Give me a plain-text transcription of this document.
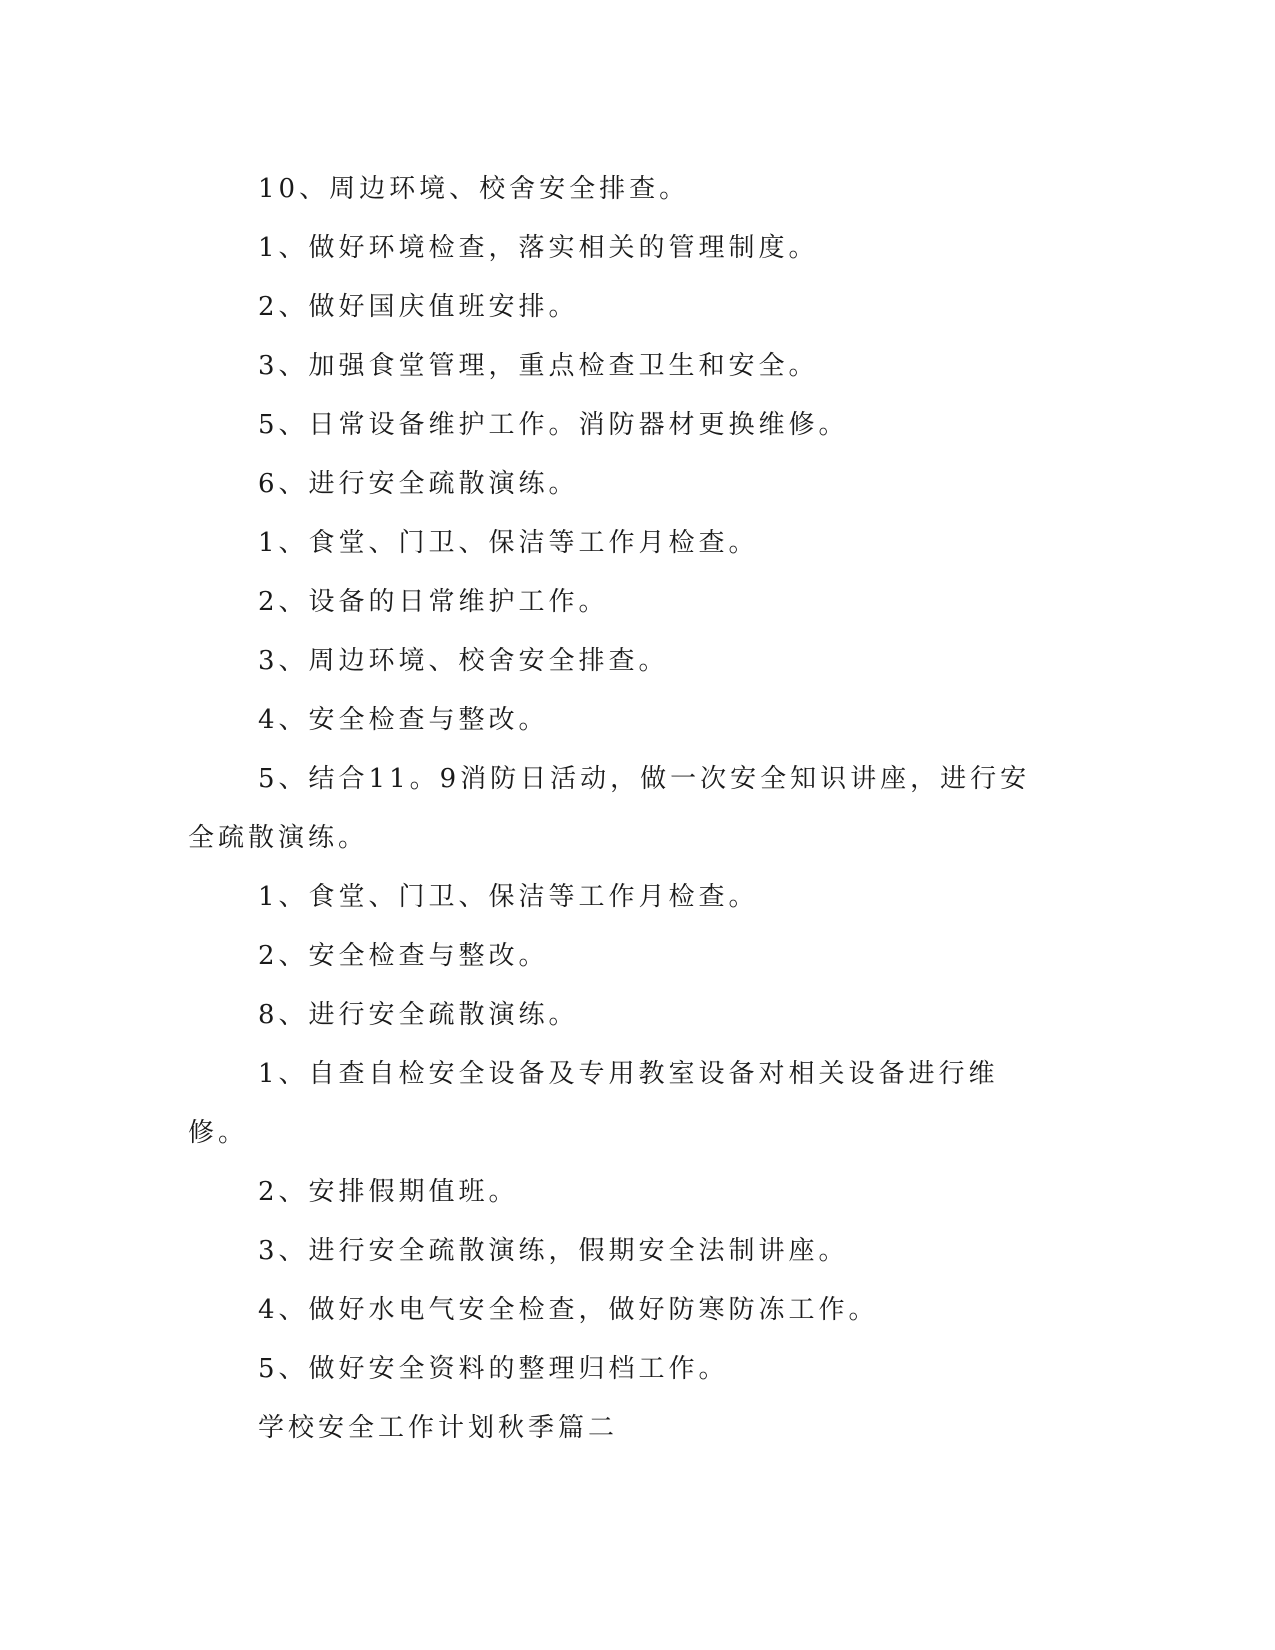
10、周边环境、校舍安全排查。

1、做好环境检查，落实相关的管理制度。

2、做好国庆值班安排。

3、加强食堂管理，重点检查卫生和安全。

5、日常设备维护工作。消防器材更换维修。

6、进行安全疏散演练。

1、食堂、门卫、保洁等工作月检查。

2、设备的日常维护工作。

3、周边环境、校舍安全排查。

4、安全检查与整改。

5、结合11。9消防日活动，做一次安全知识讲座，进行安全疏散演练。

1、食堂、门卫、保洁等工作月检查。

2、安全检查与整改。

8、进行安全疏散演练。

1、自查自检安全设备及专用教室设备对相关设备进行维修。

2、安排假期值班。

3、进行安全疏散演练，假期安全法制讲座。

4、做好水电气安全检查，做好防寒防冻工作。

5、做好安全资料的整理归档工作。

学校安全工作计划秋季篇二
